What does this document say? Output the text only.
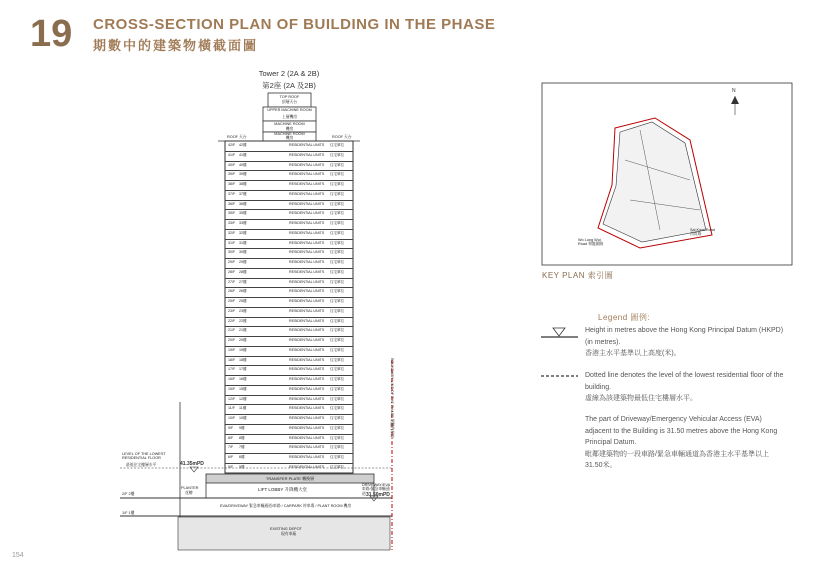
19 CROSS-SECTION PLAN OF BUILDING IN THE PHASE
期數中的建築物橫截面圖
Tower 2 (2A & 2B)
第2座 (2A 及2B)
TOP ROOF
頂層天台
UPPER MACHINE ROOM
上層機房
MACHINE ROOM
機房
MACHINE ROOM
機房
ROOF 天台	ROOF 天台
42/F 42樓	RESIDENTIAL UNITS 住宅單位
41/F 41樓	RESIDENTIAL UNITS 住宅單位
40/F 40樓	RESIDENTIAL UNITS 住宅單位
39/F 39樓	RESIDENTIAL UNITS 住宅單位
38/F 38樓	RESIDENTIAL UNITS 住宅單位
37/F 37樓	RESIDENTIAL UNITS 住宅單位
36/F 36樓	RESIDENTIAL UNITS 住宅單位
35/F 35樓	RESIDENTIAL UNITS 住宅單位
33/F 33樓	RESIDENTIAL UNITS 住宅單位
32/F 32樓	RESIDENTIAL UNITS 住宅單位
31/F 31樓	RESIDENTIAL UNITS 住宅單位
30/F 30樓	RESIDENTIAL UNITS 住宅單位
29/F 29樓	RESIDENTIAL UNITS 住宅單位
28/F 28樓	RESIDENTIAL UNITS 住宅單位
27/F 27樓	RESIDENTIAL UNITS 住宅單位
26/F 26樓	RESIDENTIAL UNITS 住宅單位
25/F 25樓	RESIDENTIAL UNITS 住宅單位
23/F 23樓	RESIDENTIAL UNITS 住宅單位
22/F 22樓	RESIDENTIAL UNITS 住宅單位
21/F 21樓	RESIDENTIAL UNITS 住宅單位
20/F 20樓	RESIDENTIAL UNITS 住宅單位
19/F 19樓	RESIDENTIAL UNITS 住宅單位
18/F 18樓	RESIDENTIAL UNITS 住宅單位
17/F 17樓	RESIDENTIAL UNITS 住宅單位
16/F 16樓	RESIDENTIAL UNITS 住宅單位
15/F 15樓	RESIDENTIAL UNITS 住宅單位
12/F 12樓	RESIDENTIAL UNITS 住宅單位
11/F 11樓	RESIDENTIAL UNITS 住宅單位
10/F 10樓	RESIDENTIAL UNITS 住宅單位
9/F 9樓	RESIDENTIAL UNITS 住宅單位
8/F 8樓	RESIDENTIAL UNITS 住宅單位
7/F 7樓	RESIDENTIAL UNITS 住宅單位
6/F 6樓	RESIDENTIAL UNITS 住宅單位
5/F 5樓	RESIDENTIAL UNITS 住宅單位
TRANSFER PLATE 轉換層
LIFT LOBBY 升降機大堂
PLANTER
花槽
EVA/DRIVEWAY 緊急車輛通道/車路 / CARPARK 停車場 / PLANT ROOM 機房
EXISTING DEPOT
現有車廠
2/F 2樓
1/F 1樓
LEVEL OF THE LOWEST RESIDENTIAL FLOOR
最低住宅樓層水平	41.35mPD
DRIVEWAY/EVA 車路/緊急車輛通道 31.50mPD
BOUNDARY LINE OF THE PHASE 期數的界線
N
Wo Lung Wui Road 和龍圍路
Sai Kwai Road 西貴路
KEY PLAN 索引圖
Legend 圖例:
Height in metres above the Hong Kong Principal Datum (HKPD) (in metres).
香港主水平基準以上高度(米)。
Dotted line denotes the level of the lowest residential floor of the building.
虛線為該建築物最低住宅樓層水平。
The part of Driveway/Emergency Vehicular Access (EVA) adjacent to the Building is 31.50 metres above the Hong Kong Principal Datum.
毗鄰建築物的一段車路/緊急車輛通道為香港主水平基準以上31.50米。
154
